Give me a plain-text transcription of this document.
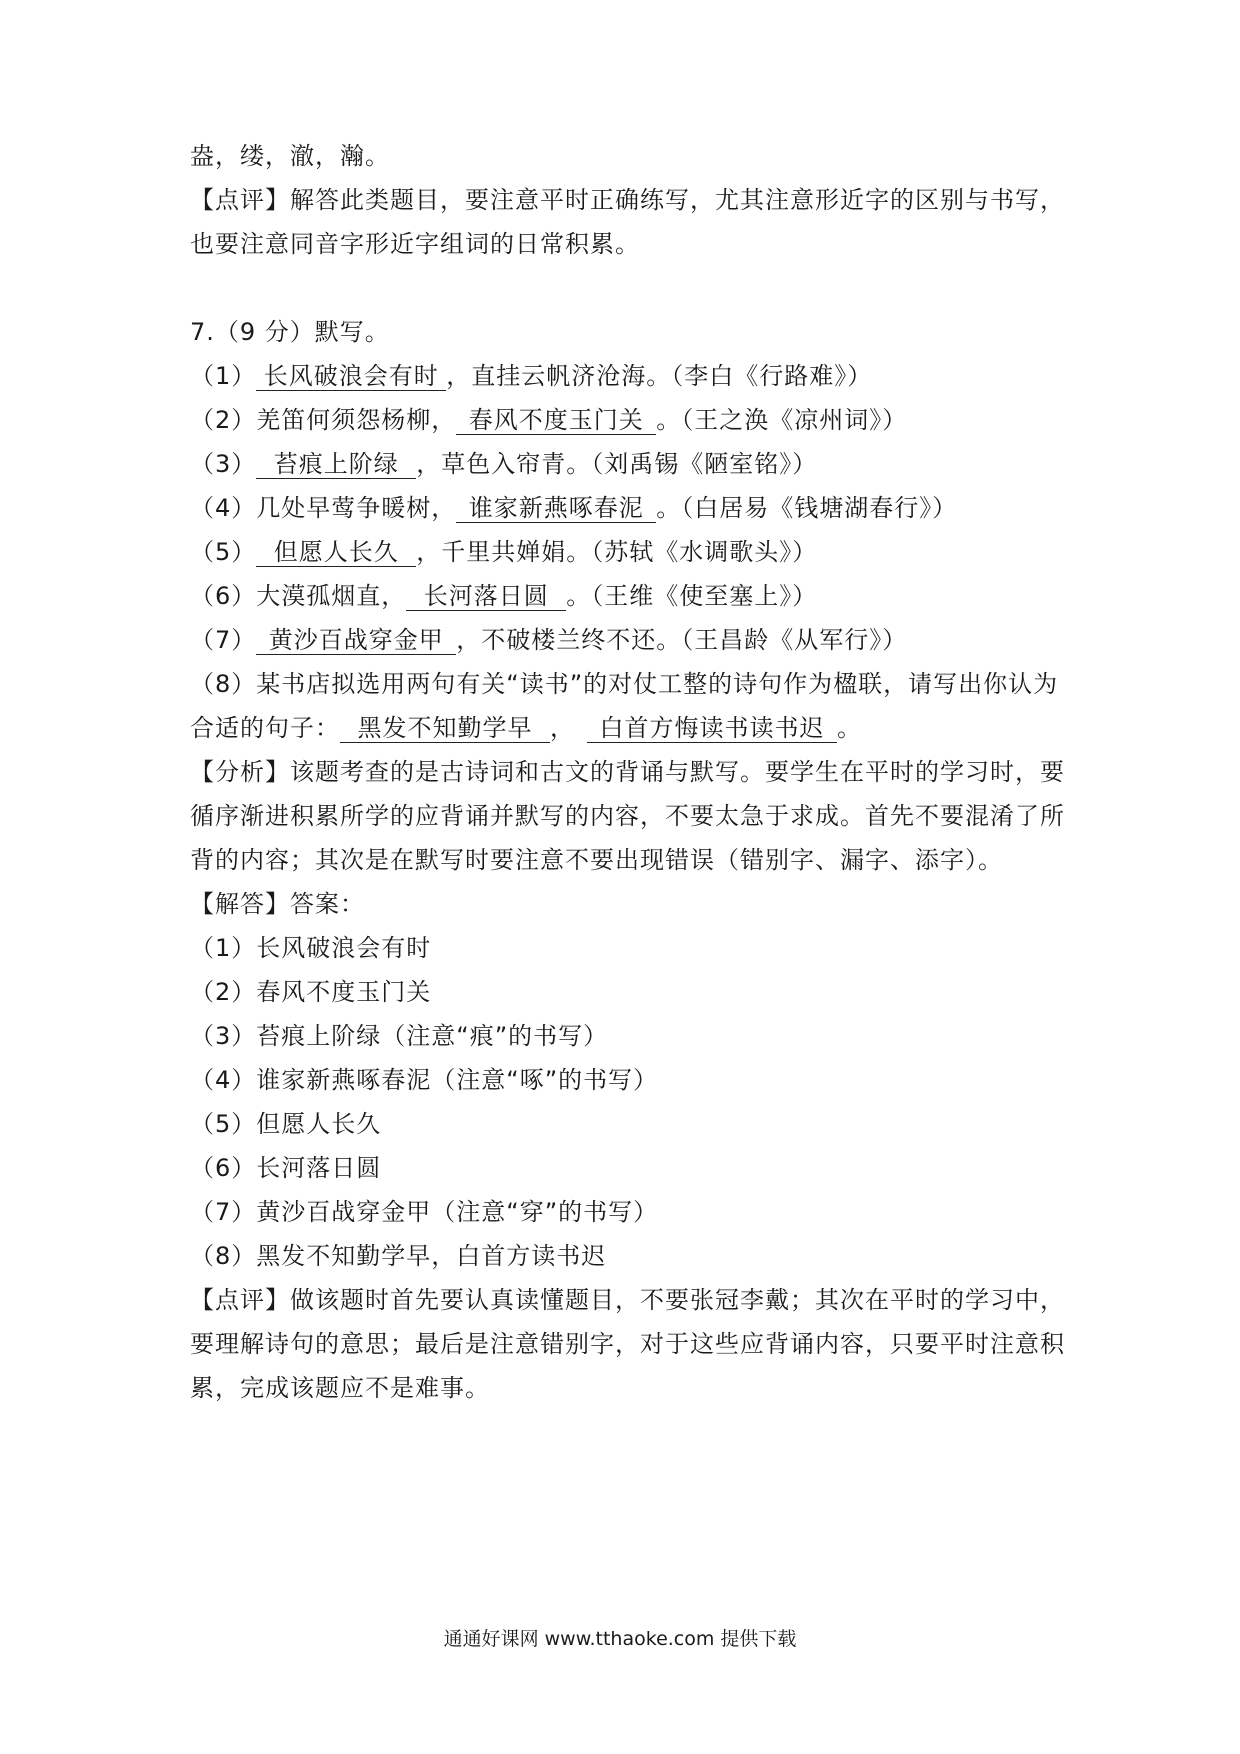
盎，缕，澈，瀚。
【点评】解答此类题目，要注意平时正确练写，尤其注意形近字的区别与书写，
也要注意同音字形近字组词的日常积累。
7.（9 分）默写。
（1） 长风破浪会有时 ，直挂云帆济沧海。（李白《行路难》）
（2）羌笛何须怨杨柳， 春风不度玉门关 。（王之涣《凉州词》）
（3） 苔痕上阶绿 ，草色入帘青。（刘禹锡《陋室铭》）
（4）几处早莺争暖树， 谁家新燕啄春泥 。（白居易《钱塘湖春行》）
（5） 但愿人长久 ，千里共婵娟。（苏轼《水调歌头》）
（6）大漠孤烟直， 长河落日圆 。（王维《使至塞上》）
（7） 黄沙百战穿金甲 ，不破楼兰终不还。（王昌龄《从军行》）
（8）某书店拟选用两句有关“读书”的对仗工整的诗句作为楹联，请写出你认为
合适的句子： 黑发不知勤学早 ， 白首方悔读书读书迟 。
【分析】该题考查的是古诗词和古文的背诵与默写。要学生在平时的学习时，要
循序渐进积累所学的应背诵并默写的内容，不要太急于求成。首先不要混淆了所
背的内容；其次是在默写时要注意不要出现错误（错别字、漏字、添字）。
【解答】答案：
（1）长风破浪会有时
（2）春风不度玉门关
（3）苔痕上阶绿（注意“痕”的书写）
（4）谁家新燕啄春泥（注意“啄”的书写）
（5）但愿人长久
（6）长河落日圆
（7）黄沙百战穿金甲（注意“穿”的书写）
（8）黑发不知勤学早，白首方读书迟
【点评】做该题时首先要认真读懂题目，不要张冠李戴；其次在平时的学习中，
要理解诗句的意思；最后是注意错别字，对于这些应背诵内容，只要平时注意积
累，完成该题应不是难事。
通通好课网 www.tthaoke.com 提供下载
